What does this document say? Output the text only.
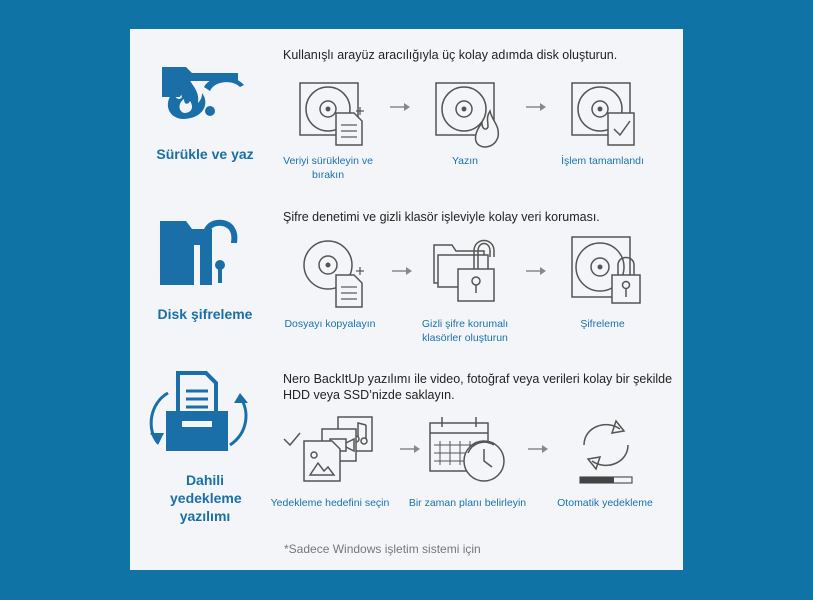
Sürükle ve yaz
Kullanışlı arayüz aracılığıyla üç kolay adımda disk oluşturun.
Veriyi sürükleyin ve bırakın
Yazın	İşlem tamamlandı
Disk şifreleme
Şifre denetimi ve gizli klasör işleviyle kolay veri koruması.
Dosyayı kopyalayın	Gizli şifre korumalı klasörler oluşturun
Şifreleme
Dahili yedekleme yazılımı
Nero BackItUp yazılımı ile video, fotoğraf veya verileri kolay bir şekilde HDD veya SSD’nizde saklayın.
Yedekleme hedefini seçin	Bir zaman planı belirleyin	Otomatik yedekleme
*Sadece Windows işletim sistemi için
